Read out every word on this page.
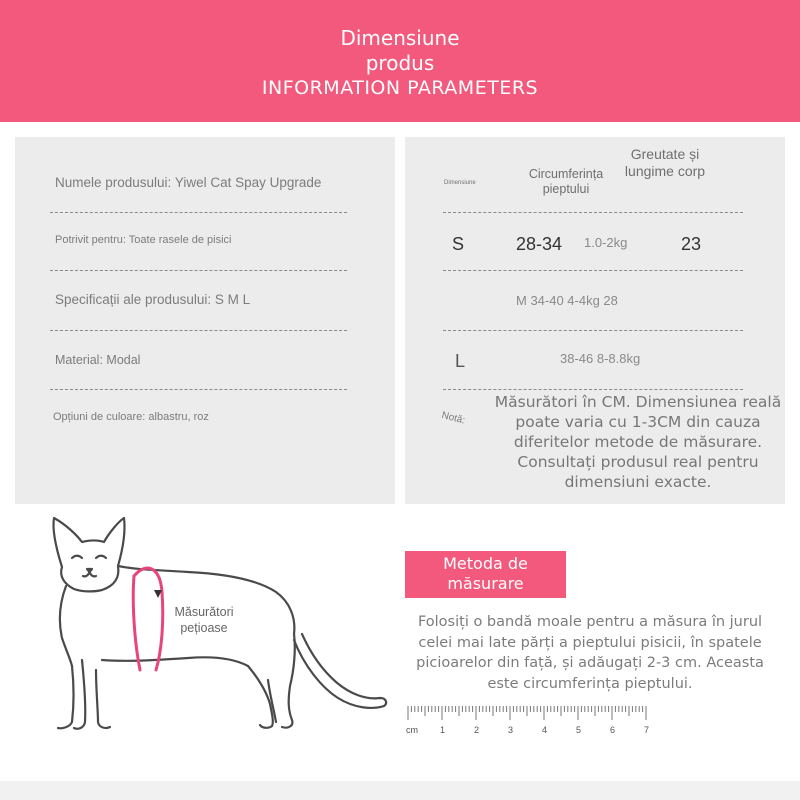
Dimensiune
produs
INFORMATION PARAMETERS
Numele produsului: Yiwel Cat Spay Upgrade
Potrivit pentru: Toate rasele de pisici
Specificații ale produsului: S M L
Material: Modal
Opțiuni de culoare: albastru, roz
Dimensiune
Circumferința
pieptului
Greutate și
lungime corp
S	28-34 1.0-2kg	23
M 34-40 4-4kg 28
L	38-46 8-8.8kg
Notă:
Măsurători în CM. Dimensiunea reală poate varia cu 1-3CM din cauza diferitelor metode de măsurare. Consultați produsul real pentru dimensiuni exacte.
Măsurători
pețioase
Metoda de
măsurare
Folosiți o bandă moale pentru a măsura în jurul celei mai late părți a pieptului pisicii, în spatele picioarelor din față, și adăugați 2-3 cm. Aceasta este circumferința pieptului.
cm 1	2	3	4	5	6	7
